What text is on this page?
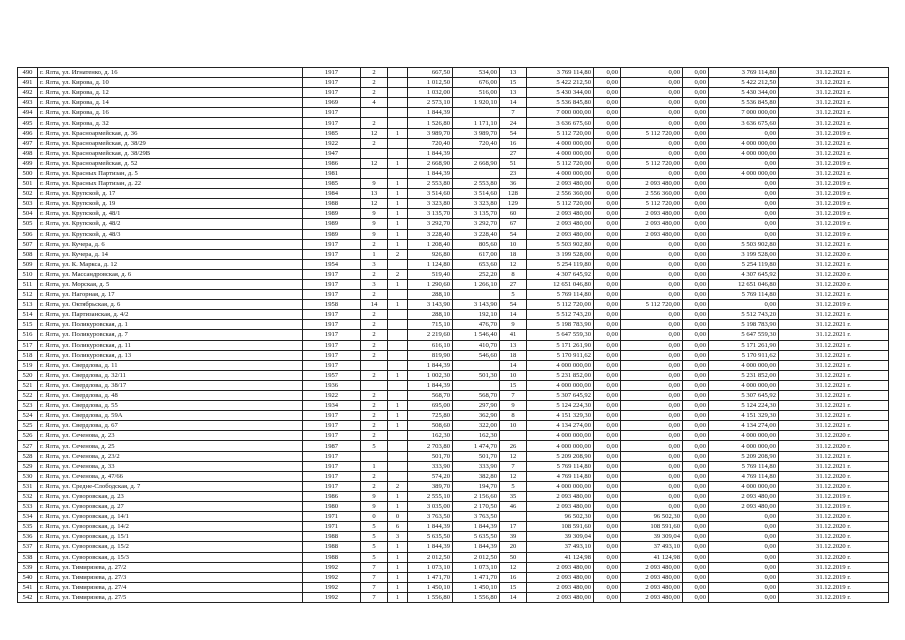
490	г. Ялта, ул. Игнатенко, д. 16	1917	2		667,50	534,00	13	3 769 114,80	0,00	0,00	0,00	3 769 114,80	31.12.2021 г.
491	г. Ялта, ул. Кирова, д. 10	1917	2		1 012,50	676,00	15	5 422 212,50	0,00	0,00	0,00	5 422 212,50	31.12.2021 г.
492	г. Ялта, ул. Кирова, д. 12	1917	2		1 032,00	516,00	13	5 430 344,00	0,00	0,00	0,00	5 430 344,00	31.12.2021 г.
493	г. Ялта, ул. Кирова, д. 14	1969	4		2 573,10	1 920,10	14	5 536 845,80	0,00	0,00	0,00	5 536 845,80	31.12.2021 г.
494	г. Ялта, ул. Кирова, д. 16	1917			1 844,39		7	7 000 000,00	0,00	0,00	0,00	7 000 000,00	31.12.2021 г.
495	г. Ялта, ул. Кирова, д. 32	1917	2		1 526,80	1 171,10	24	3 636 675,60	0,00	0,00	0,00	3 636 675,60	31.12.2021 г.
496	г. Ялта, ул. Красноармейская, д. 36	1985	12	1	3 989,70	3 989,70	54	5 112 720,00	0,00	5 112 720,00	0,00	0,00	31.12.2019 г.
497	г. Ялта, ул. Красноармейская, д. 38/29	1922	2		720,40	720,40	16	4 000 000,00	0,00	0,00	0,00	4 000 000,00	31.12.2021 г.
498	г. Ялта, ул. Красноармейская, д. 38/29В	1947			1 844,39		27	4 000 000,00	0,00	0,00	0,00	4 000 000,00	31.12.2021 г.
499	г. Ялта, ул. Красноармейская, д. 52	1986	12	1	2 668,90	2 668,90	51	5 112 720,00	0,00	5 112 720,00	0,00	0,00	31.12.2019 г.
500	г. Ялта, ул. Красных Партизан, д. 5	1981			1 844,39		23	4 000 000,00	0,00	0,00	0,00	4 000 000,00	31.12.2021 г.
501	г. Ялта, ул. Красных Партизан, д. 22	1985	9	1	2 553,80	2 553,80	36	2 093 480,00	0,00	2 093 480,00	0,00	0,00	31.12.2019 г.
502	г. Ялта, ул. Крупской, д. 17	1984	13	1	3 514,60	3 514,60	128	2 556 360,00	0,00	2 556 360,00	0,00	0,00	31.12.2019 г.
503	г. Ялта, ул. Крупской, д. 19	1988	12	1	3 323,80	3 323,80	129	5 112 720,00	0,00	5 112 720,00	0,00	0,00	31.12.2019 г.
504	г. Ялта, ул. Крупской, д. 48/1	1989	9	1	3 135,70	3 135,70	60	2 093 480,00	0,00	2 093 480,00	0,00	0,00	31.12.2019 г.
505	г. Ялта, ул. Крупской, д. 48/2	1989	9	1	3 292,70	3 292,70	67	2 093 480,00	0,00	2 093 480,00	0,00	0,00	31.12.2019 г.
506	г. Ялта, ул. Крупской, д. 48/3	1989	9	1	3 228,40	3 228,40	54	2 093 480,00	0,00	2 093 480,00	0,00	0,00	31.12.2019 г.
507	г. Ялта, ул. Кучера, д. 6	1917	2	1	1 208,40	805,60	10	5 503 902,80	0,00	0,00	0,00	5 503 902,80	31.12.2021 г.
508	г. Ялта, ул. Кучера, д. 14	1917	1	2	926,80	617,00	18	3 199 528,00	0,00	0,00	0,00	3 199 528,00	31.12.2020 г.
509	г. Ялта, ул. К. Маркса, д. 12	1954	3		1 124,80	653,60	12	5 254 119,80	0,00	0,00	0,00	5 254 119,80	31.12.2021 г.
510	г. Ялта, ул. Массандровская, д. 6	1917	2	2	519,40	252,20	8	4 307 645,92	0,00	0,00	0,00	4 307 645,92	31.12.2020 г.
511	г. Ялта, ул. Морская, д. 5	1917	3	1	1 290,60	1 266,10	27	12 651 046,80	0,00	0,00	0,00	12 651 046,80	31.12.2020 г.
512	г. Ялта, ул. Нагорная, д. 17	1917	2		288,10		5	5 769 114,80	0,00	0,00	0,00	5 769 114,80	31.12.2021 г.
513	г. Ялта, ул. Октябрьская, д. 6	1958	14	1	3 143,90	3 143,90	54	5 112 720,00	0,00	5 112 720,00	0,00	0,00	31.12.2019 г.
514	г. Ялта, ул. Партизанская, д. 4/2	1917	2		288,10	192,10	14	5 512 743,20	0,00	0,00	0,00	5 512 743,20	31.12.2021 г.
515	г. Ялта, ул. Поликуровская, д. 1	1917	2		715,10	476,70	9	5 198 783,90	0,00	0,00	0,00	5 198 783,90	31.12.2021 г.
516	г. Ялта, ул. Поликуровская, д. 7	1917	2		2 219,60	1 546,40	41	5 647 559,30	0,00	0,00	0,00	5 647 559,30	31.12.2021 г.
517	г. Ялта, ул. Поликуровская, д. 11	1917	2		616,10	410,70	13	5 171 261,90	0,00	0,00	0,00	5 171 261,90	31.12.2021 г.
518	г. Ялта, ул. Поликуровская, д. 13	1917	2		819,90	546,60	18	5 170 911,62	0,00	0,00	0,00	5 170 911,62	31.12.2021 г.
519	г. Ялта, ул. Свердлова, д. 11	1917			1 844,39		14	4 000 000,00	0,00	0,00	0,00	4 000 000,00	31.12.2021 г.
520	г. Ялта, ул. Свердлова, д. 32/11	1957	2	1	1 002,30	501,30	10	5 231 852,00	0,00	0,00	0,00	5 231 852,00	31.12.2021 г.
521	г. Ялта, ул. Свердлова, д. 38/17	1936			1 844,39		15	4 000 000,00	0,00	0,00	0,00	4 000 000,00	31.12.2021 г.
522	г. Ялта, ул. Свердлова, д. 48	1922	2		568,70	568,70	7	5 307 645,92	0,00	0,00	0,00	5 307 645,92	31.12.2021 г.
523	г. Ялта, ул. Свердлова, д. 55	1934	2	1	695,00	297,90	9	5 124 224,30	0,00	0,00	0,00	5 124 224,30	31.12.2021 г.
524	г. Ялта, ул. Свердлова, д. 59А	1917	2	1	725,80	362,90	8	4 151 329,30	0,00	0,00	0,00	4 151 329,30	31.12.2021 г.
525	г. Ялта, ул. Свердлова, д. 67	1917	2	1	508,60	322,00	10	4 134 274,00	0,00	0,00	0,00	4 134 274,00	31.12.2021 г.
526	г. Ялта, ул. Сеченова, д. 23	1917	2		162,30	162,30		4 000 000,00	0,00	0,00	0,00	4 000 000,00	31.12.2020 г.
527	г. Ялта, ул. Сеченова, д. 25	1987	5		2 703,80	1 474,70	26	4 000 000,00	0,00	0,00	0,00	4 000 000,00	31.12.2020 г.
528	г. Ялта, ул. Сеченова, д. 23/2	1917			501,70	501,70	12	5 209 208,90	0,00	0,00	0,00	5 209 208,90	31.12.2021 г.
529	г. Ялта, ул. Сеченова, д. 33	1917	1		333,90	333,90	7	5 769 114,80	0,00	0,00	0,00	5 769 114,80	31.12.2021 г.
530	г. Ялта, ул. Сеченова, д. 47/66	1917	2		574,20	382,80	12	4 769 114,80	0,00	0,00	0,00	4 769 114,80	31.12.2020 г.
531	г. Ялта, ул. Средне-Слободская, д. 7	1917	2	2	389,70	194,70	5	4 000 000,00	0,00	0,00	0,00	4 000 000,00	31.12.2020 г.
532	г. Ялта, ул. Суворовская, д. 23	1986	9	1	2 555,10	2 156,60	35	2 093 480,00	0,00	0,00	0,00	2 093 480,00	31.12.2019 г.
533	г. Ялта, ул. Суворовская, д. 27	1980	9	1	3 035,00	2 170,50	46	2 093 480,00	0,00	0,00	0,00	2 093 480,00	31.12.2019 г.
534	г. Ялта, ул. Суворовская, д. 14/1	1971	0	0	3 763,50	3 763,50		96 502,30	0,00	96 502,30	0,00	0,00	31.12.2020 г.
535	г. Ялта, ул. Суворовская, д. 14/2	1971	5	6	1 844,39	1 844,39	17	108 591,60	0,00	108 591,60	0,00	0,00	31.12.2020 г.
536	г. Ялта, ул. Суворовская, д. 15/1	1988	5	3	5 635,50	5 635,50	39	39 309,04	0,00	39 309,04	0,00	0,00	31.12.2020 г.
537	г. Ялта, ул. Суворовская, д. 15/2	1988	5	1	1 844,39	1 844,39	20	37 493,10	0,00	37 493,10	0,00	0,00	31.12.2020 г.
538	г. Ялта, ул. Суворовская, д. 15/3	1988	5	1	2 012,50	2 012,50	50	41 124,98	0,00	41 124,98	0,00	0,00	31.12.2020 г.
539	г. Ялта, ул. Тимирязева, д. 27/2	1992	7	1	1 073,10	1 073,10	12	2 093 480,00	0,00	2 093 480,00	0,00	0,00	31.12.2019 г.
540	г. Ялта, ул. Тимирязева, д. 27/3	1992	7	1	1 471,70	1 471,70	16	2 093 480,00	0,00	2 093 480,00	0,00	0,00	31.12.2019 г.
541	г. Ялта, ул. Тимирязева, д. 27/4	1992	7	1	1 450,10	1 450,10	15	2 093 480,00	0,00	2 093 480,00	0,00	0,00	31.12.2019 г.
542	г. Ялта, ул. Тимирязева, д. 27/5	1992	7	1	1 556,80	1 556,80	14	2 093 480,00	0,00	2 093 480,00	0,00	0,00	31.12.2019 г.
